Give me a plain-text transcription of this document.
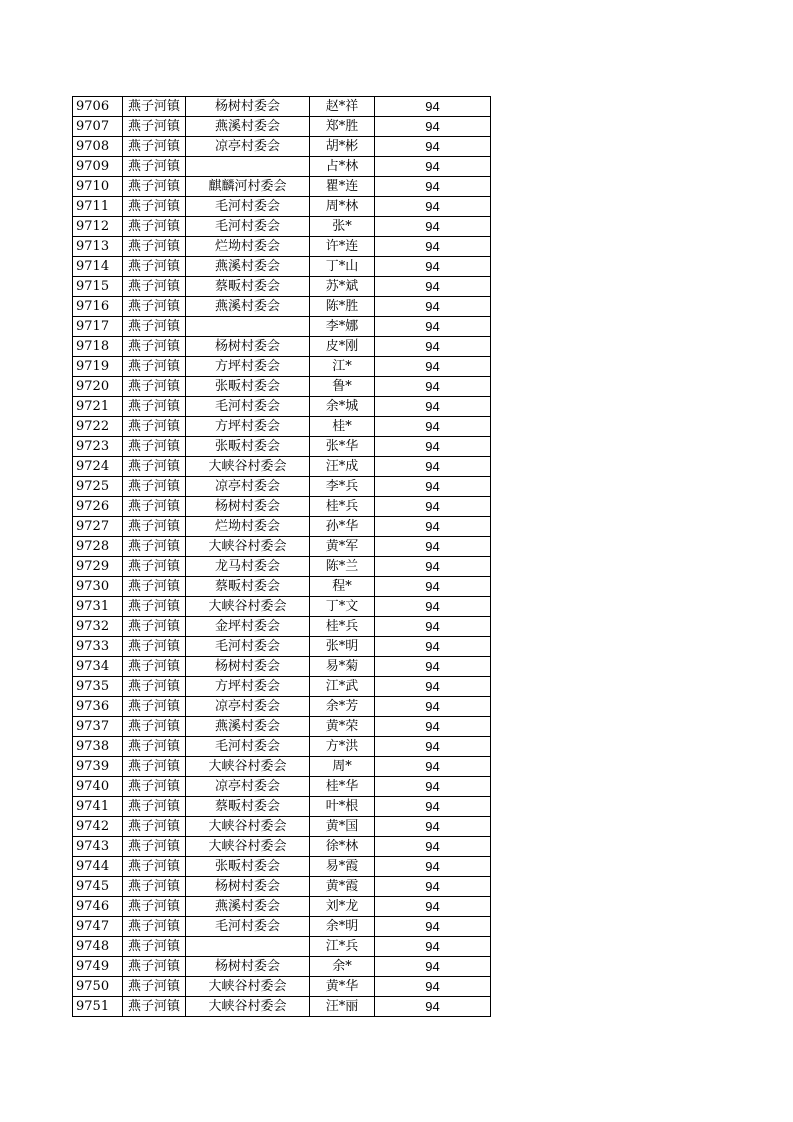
9706	燕子河镇	杨树村委会	赵*祥	94
9707	燕子河镇	燕溪村委会	郑*胜	94
9708	燕子河镇	凉亭村委会	胡*彬	94
9709	燕子河镇		占*林	94
9710	燕子河镇	麒麟河村委会	瞿*连	94
9711	燕子河镇	毛河村委会	周*林	94
9712	燕子河镇	毛河村委会	张*	94
9713	燕子河镇	烂坳村委会	许*连	94
9714	燕子河镇	燕溪村委会	丁*山	94
9715	燕子河镇	蔡畈村委会	苏*斌	94
9716	燕子河镇	燕溪村委会	陈*胜	94
9717	燕子河镇		李*娜	94
9718	燕子河镇	杨树村委会	皮*刚	94
9719	燕子河镇	方坪村委会	江*	94
9720	燕子河镇	张畈村委会	鲁*	94
9721	燕子河镇	毛河村委会	余*城	94
9722	燕子河镇	方坪村委会	桂*	94
9723	燕子河镇	张畈村委会	张*华	94
9724	燕子河镇	大峡谷村委会	汪*成	94
9725	燕子河镇	凉亭村委会	李*兵	94
9726	燕子河镇	杨树村委会	桂*兵	94
9727	燕子河镇	烂坳村委会	孙*华	94
9728	燕子河镇	大峡谷村委会	黄*军	94
9729	燕子河镇	龙马村委会	陈*兰	94
9730	燕子河镇	蔡畈村委会	程*	94
9731	燕子河镇	大峡谷村委会	丁*文	94
9732	燕子河镇	金坪村委会	桂*兵	94
9733	燕子河镇	毛河村委会	张*明	94
9734	燕子河镇	杨树村委会	易*菊	94
9735	燕子河镇	方坪村委会	江*武	94
9736	燕子河镇	凉亭村委会	余*芳	94
9737	燕子河镇	燕溪村委会	黄*荣	94
9738	燕子河镇	毛河村委会	方*洪	94
9739	燕子河镇	大峡谷村委会	周*	94
9740	燕子河镇	凉亭村委会	桂*华	94
9741	燕子河镇	蔡畈村委会	叶*根	94
9742	燕子河镇	大峡谷村委会	黄*国	94
9743	燕子河镇	大峡谷村委会	徐*林	94
9744	燕子河镇	张畈村委会	易*霞	94
9745	燕子河镇	杨树村委会	黄*霞	94
9746	燕子河镇	燕溪村委会	刘*龙	94
9747	燕子河镇	毛河村委会	余*明	94
9748	燕子河镇		江*兵	94
9749	燕子河镇	杨树村委会	余*	94
9750	燕子河镇	大峡谷村委会	黄*华	94
9751	燕子河镇	大峡谷村委会	汪*丽	94
